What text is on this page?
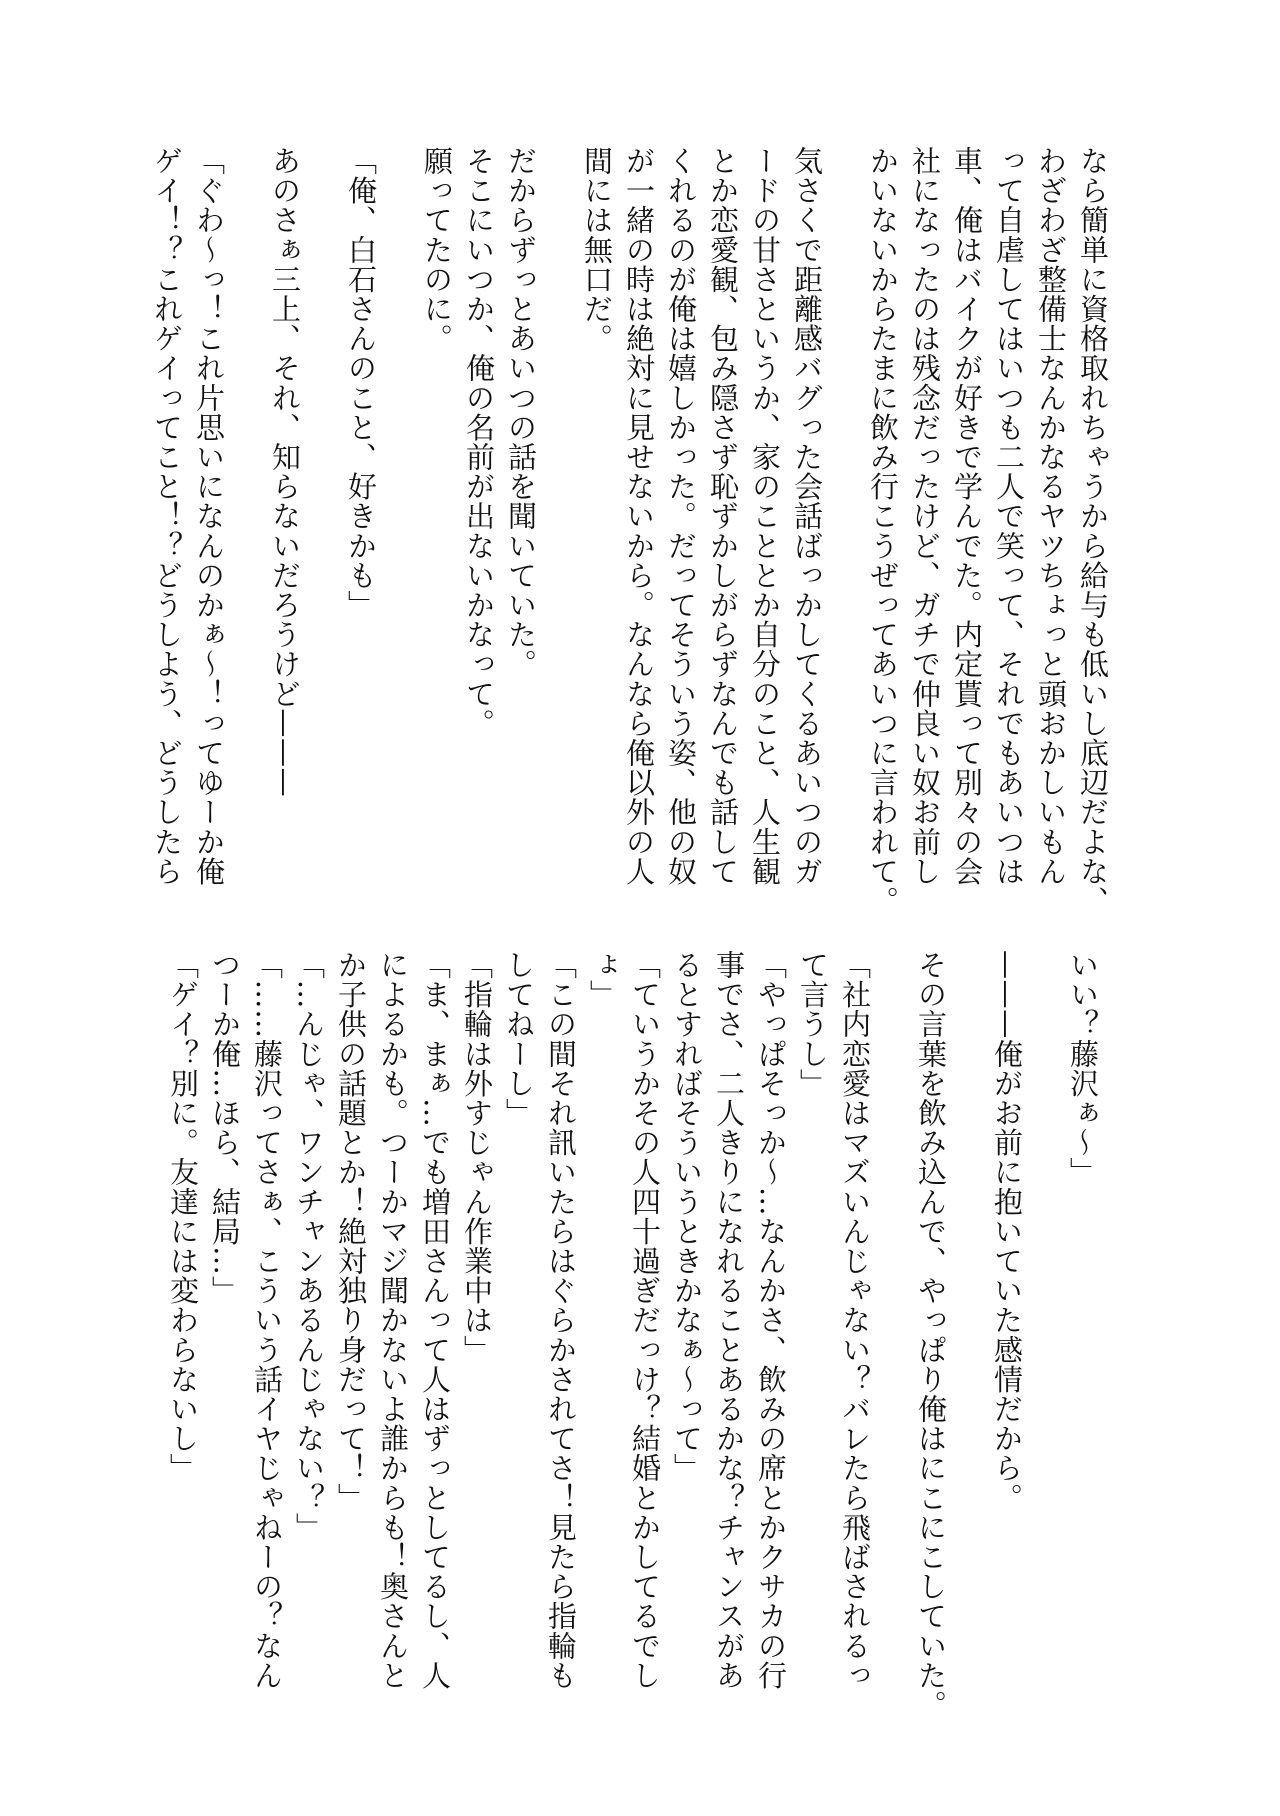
なら簡単に資格取れちゃうから給与も低いし底辺だよな、
わざわざ整備士なんかなるヤツちょっと頭おかしいもん
って自虐してはいつも二人で笑って、それでもあいつは
車、俺はバイクが好きで学んでた。内定貰って別々の会
社になったのは残念だったけど、ガチで仲良い奴お前し
かいないからたまに飲み行こうぜってあいつに言われて。
気さくで距離感バグった会話ばっかしてくるあいつのガ
ードの甘さというか、家のこととか自分のこと、人生観
とか恋愛観、包み隠さず恥ずかしがらずなんでも話して
くれるのが俺は嬉しかった。だってそういう姿、他の奴
が一緒の時は絶対に見せないから。なんなら俺以外の人
間には無口だ。
だからずっとあいつの話を聞いていた。
そこにいつか、俺の名前が出ないかなって。
願ってたのに。
「俺、白石さんのこと、好きかも」
あのさぁ三上、それ、知らないだろうけど———
「ぐわ～っ！これ片思いになんのかぁ～！ってゆーか俺
ゲイ！？これゲイってこと！？どうしよう、どうしたら
いい？藤沢ぁ～」
———俺がお前に抱いていた感情だから。
その言葉を飲み込んで、やっぱり俺はにこにこしていた。
「社内恋愛はマズいんじゃない？バレたら飛ばされるっ
て言うし」
「やっぱそっか～…なんかさ、飲みの席とかクサカの行
事でさ、二人きりになれることあるかな？チャンスがあ
るとすればそういうときかなぁ～って」
「ていうかその人四十過ぎだっけ？結婚とかしてるでし
ょ」
「この間それ訊いたらはぐらかされてさ！見たら指輪も
してねーし」
「指輪は外すじゃん作業中は」
「ま、まぁ…でも増田さんって人はずっとしてるし、人
によるかも。つーかマジ聞かないよ誰からも！奥さんと
か子供の話題とか！絶対独り身だって！」
「…んじゃ、ワンチャンあるんじゃない？」
「……藤沢ってさぁ、こういう話イヤじゃねーの？なん
つーか俺…ほら、結局…」
「ゲイ？別に。友達には変わらないし」
